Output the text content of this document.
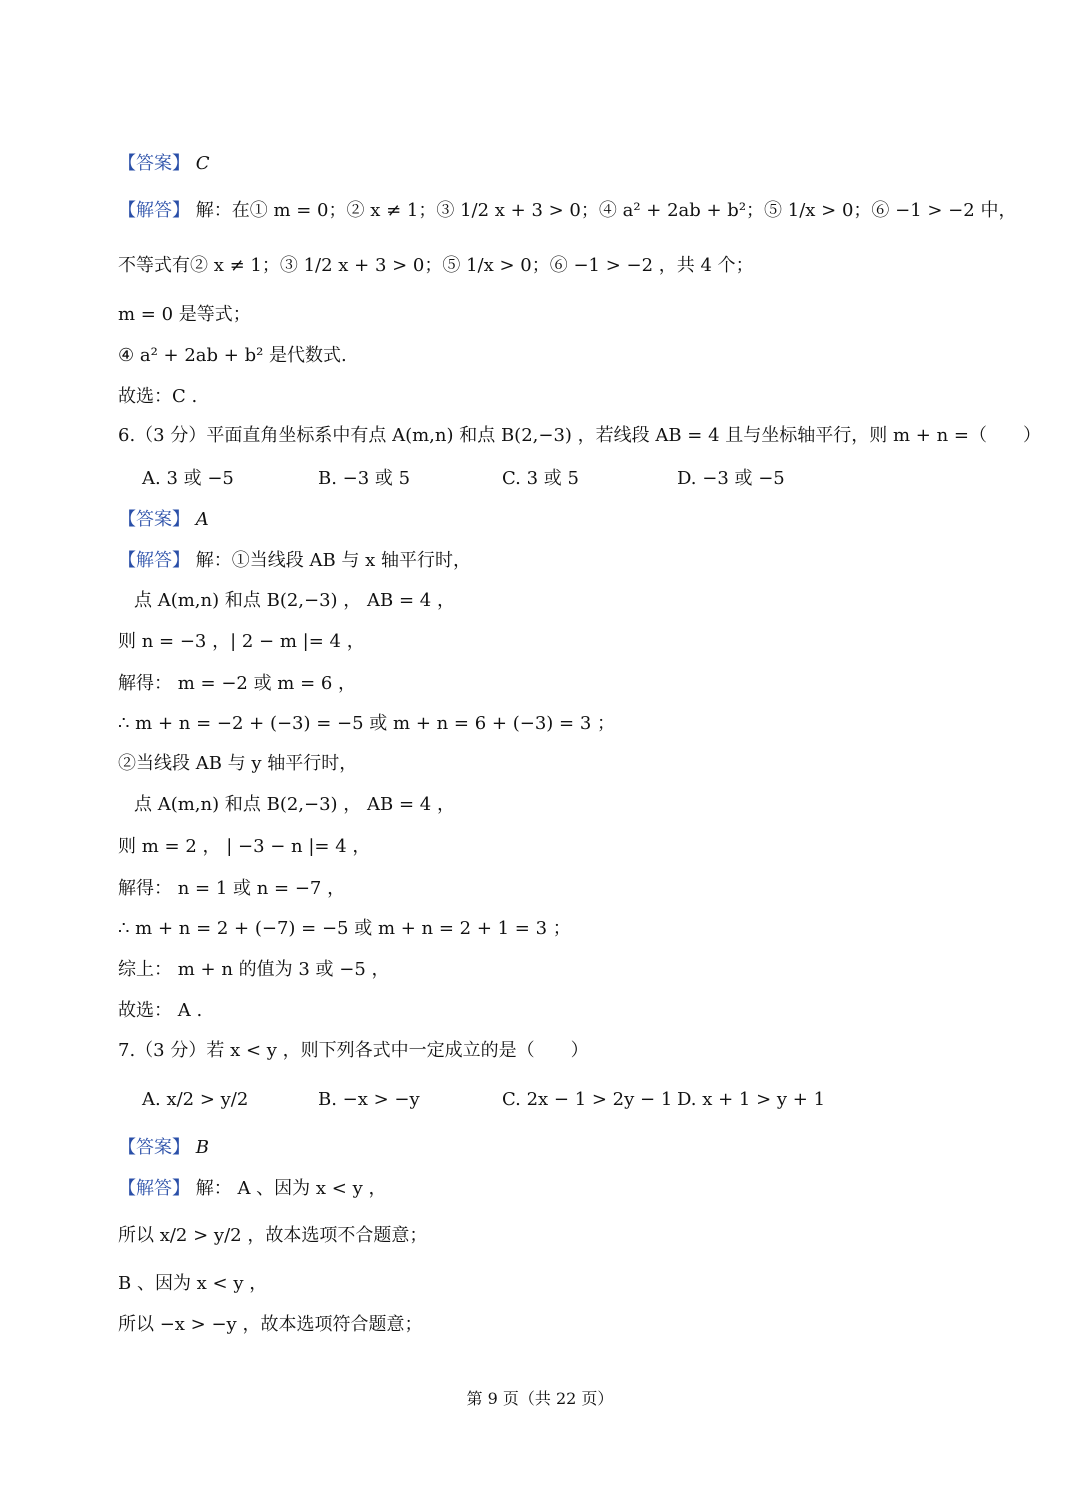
【答案】 C
【解答】 解：在① m = 0；② x ≠ 1；③ 1/2 x + 3 > 0；④ a² + 2ab + b²；⑤ 1/x > 0；⑥ −1 > −2 中，
不等式有② x ≠ 1；③ 1/2 x + 3 > 0；⑤ 1/x > 0；⑥ −1 > −2 ，共 4 个；
m = 0 是等式；
④ a² + 2ab + b² 是代数式.
故选：C .
6.（3 分）平面直角坐标系中有点 A(m,n) 和点 B(2,−3) ，若线段 AB = 4 且与坐标轴平行，则 m + n =（　　）
A. 3 或 −5	B. −3 或 5	C. 3 或 5	D. −3 或 −5
【答案】 A
【解答】 解：①当线段 AB 与 x 轴平行时，
点 A(m,n) 和点 B(2,−3) ， AB = 4 ，
则 n = −3 ，| 2 − m |= 4 ，
解得： m = −2 或 m = 6 ，
∴ m + n = −2 + (−3) = −5 或 m + n = 6 + (−3) = 3 ；
②当线段 AB 与 y 轴平行时，
点 A(m,n) 和点 B(2,−3) ， AB = 4 ，
则 m = 2 ， | −3 − n |= 4 ，
解得： n = 1 或 n = −7 ，
∴ m + n = 2 + (−7) = −5 或 m + n = 2 + 1 = 3 ；
综上： m + n 的值为 3 或 −5 ，
故选： A .
7.（3 分）若 x < y ，则下列各式中一定成立的是（　　）
A. x/2 > y/2	B. −x > −y	C. 2x − 1 > 2y − 1 D. x + 1 > y + 1
【答案】 B
【解答】 解： A 、因为 x < y ，
所以 x/2 > y/2 ，故本选项不合题意；
B 、因为 x < y ，
所以 −x > −y ，故本选项符合题意；
第 9 页（共 22 页）
